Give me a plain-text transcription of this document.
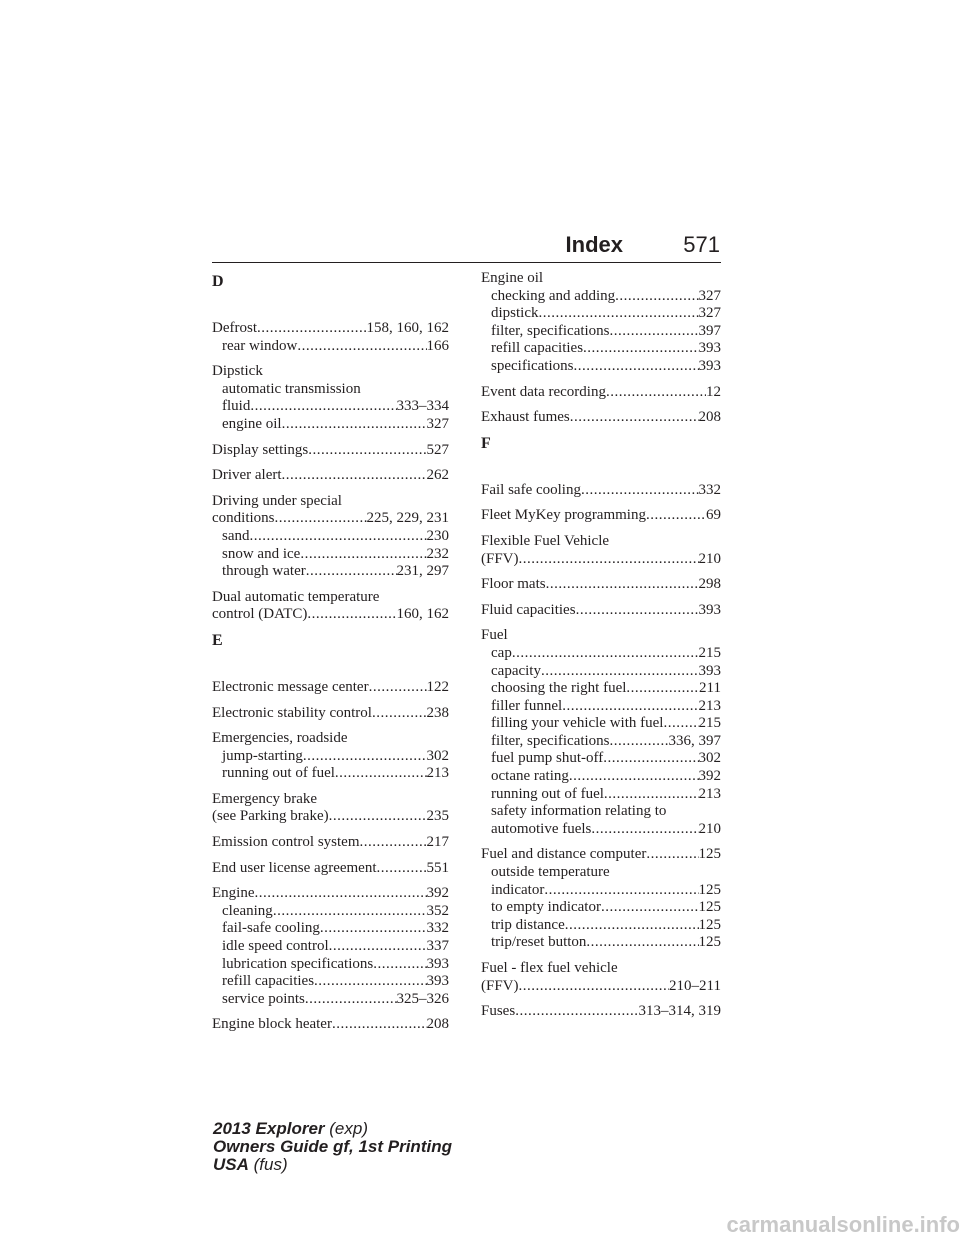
Index	571
D
Defrost .....	158, 160, 162
rear window .....	166
Dipstick
automatic transmission
fluid .....	333–334
engine oil .....	327
Display settings .....	527
Driver alert .....	262
Driving under special
conditions .....	225, 229, 231
sand .....	230
snow and ice .....	232
through water .....	231, 297
Dual automatic temperature
control (DATC) .....	160, 162
E
Electronic message center .....	122
Electronic stability control .....	238
Emergencies, roadside
jump-starting .....	302
running out of fuel .....	213
Emergency brake
(see Parking brake) .....	235
Emission control system .....	217
End user license agreement .....	551
Engine .....	392
cleaning .....	352
fail-safe cooling .....	332
idle speed control .....	337
lubrication specifications .....	393
refill capacities .....	393
service points .....	325–326
Engine block heater .....	208
Engine oil
checking and adding .....	327
dipstick .....	327
filter, specifications .....	397
refill capacities .....	393
specifications .....	393
Event data recording .....	12
Exhaust fumes .....	208
F
Fail safe cooling .....	332
Fleet MyKey programming .....	69
Flexible Fuel Vehicle
(FFV) .....	210
Floor mats .....	298
Fluid capacities .....	393
Fuel
cap .....	215
capacity .....	393
choosing the right fuel .....	211
filler funnel .....	213
filling your vehicle with fuel ..... 215
filter, specifications .....	336, 397
fuel pump shut-off .....	302
octane rating .....	392
running out of fuel .....	213
safety information relating to
automotive fuels .....	210
Fuel and distance computer .....	125
outside temperature
indicator .....	125
to empty indicator .....	125
trip distance .....	125
trip/reset button .....	125
Fuel - flex fuel vehicle
(FFV) .....	210–211
Fuses .....	313–314, 319
2013 Explorer (exp)
Owners Guide gf, 1st Printing
USA (fus)
carmanualsonline.info
